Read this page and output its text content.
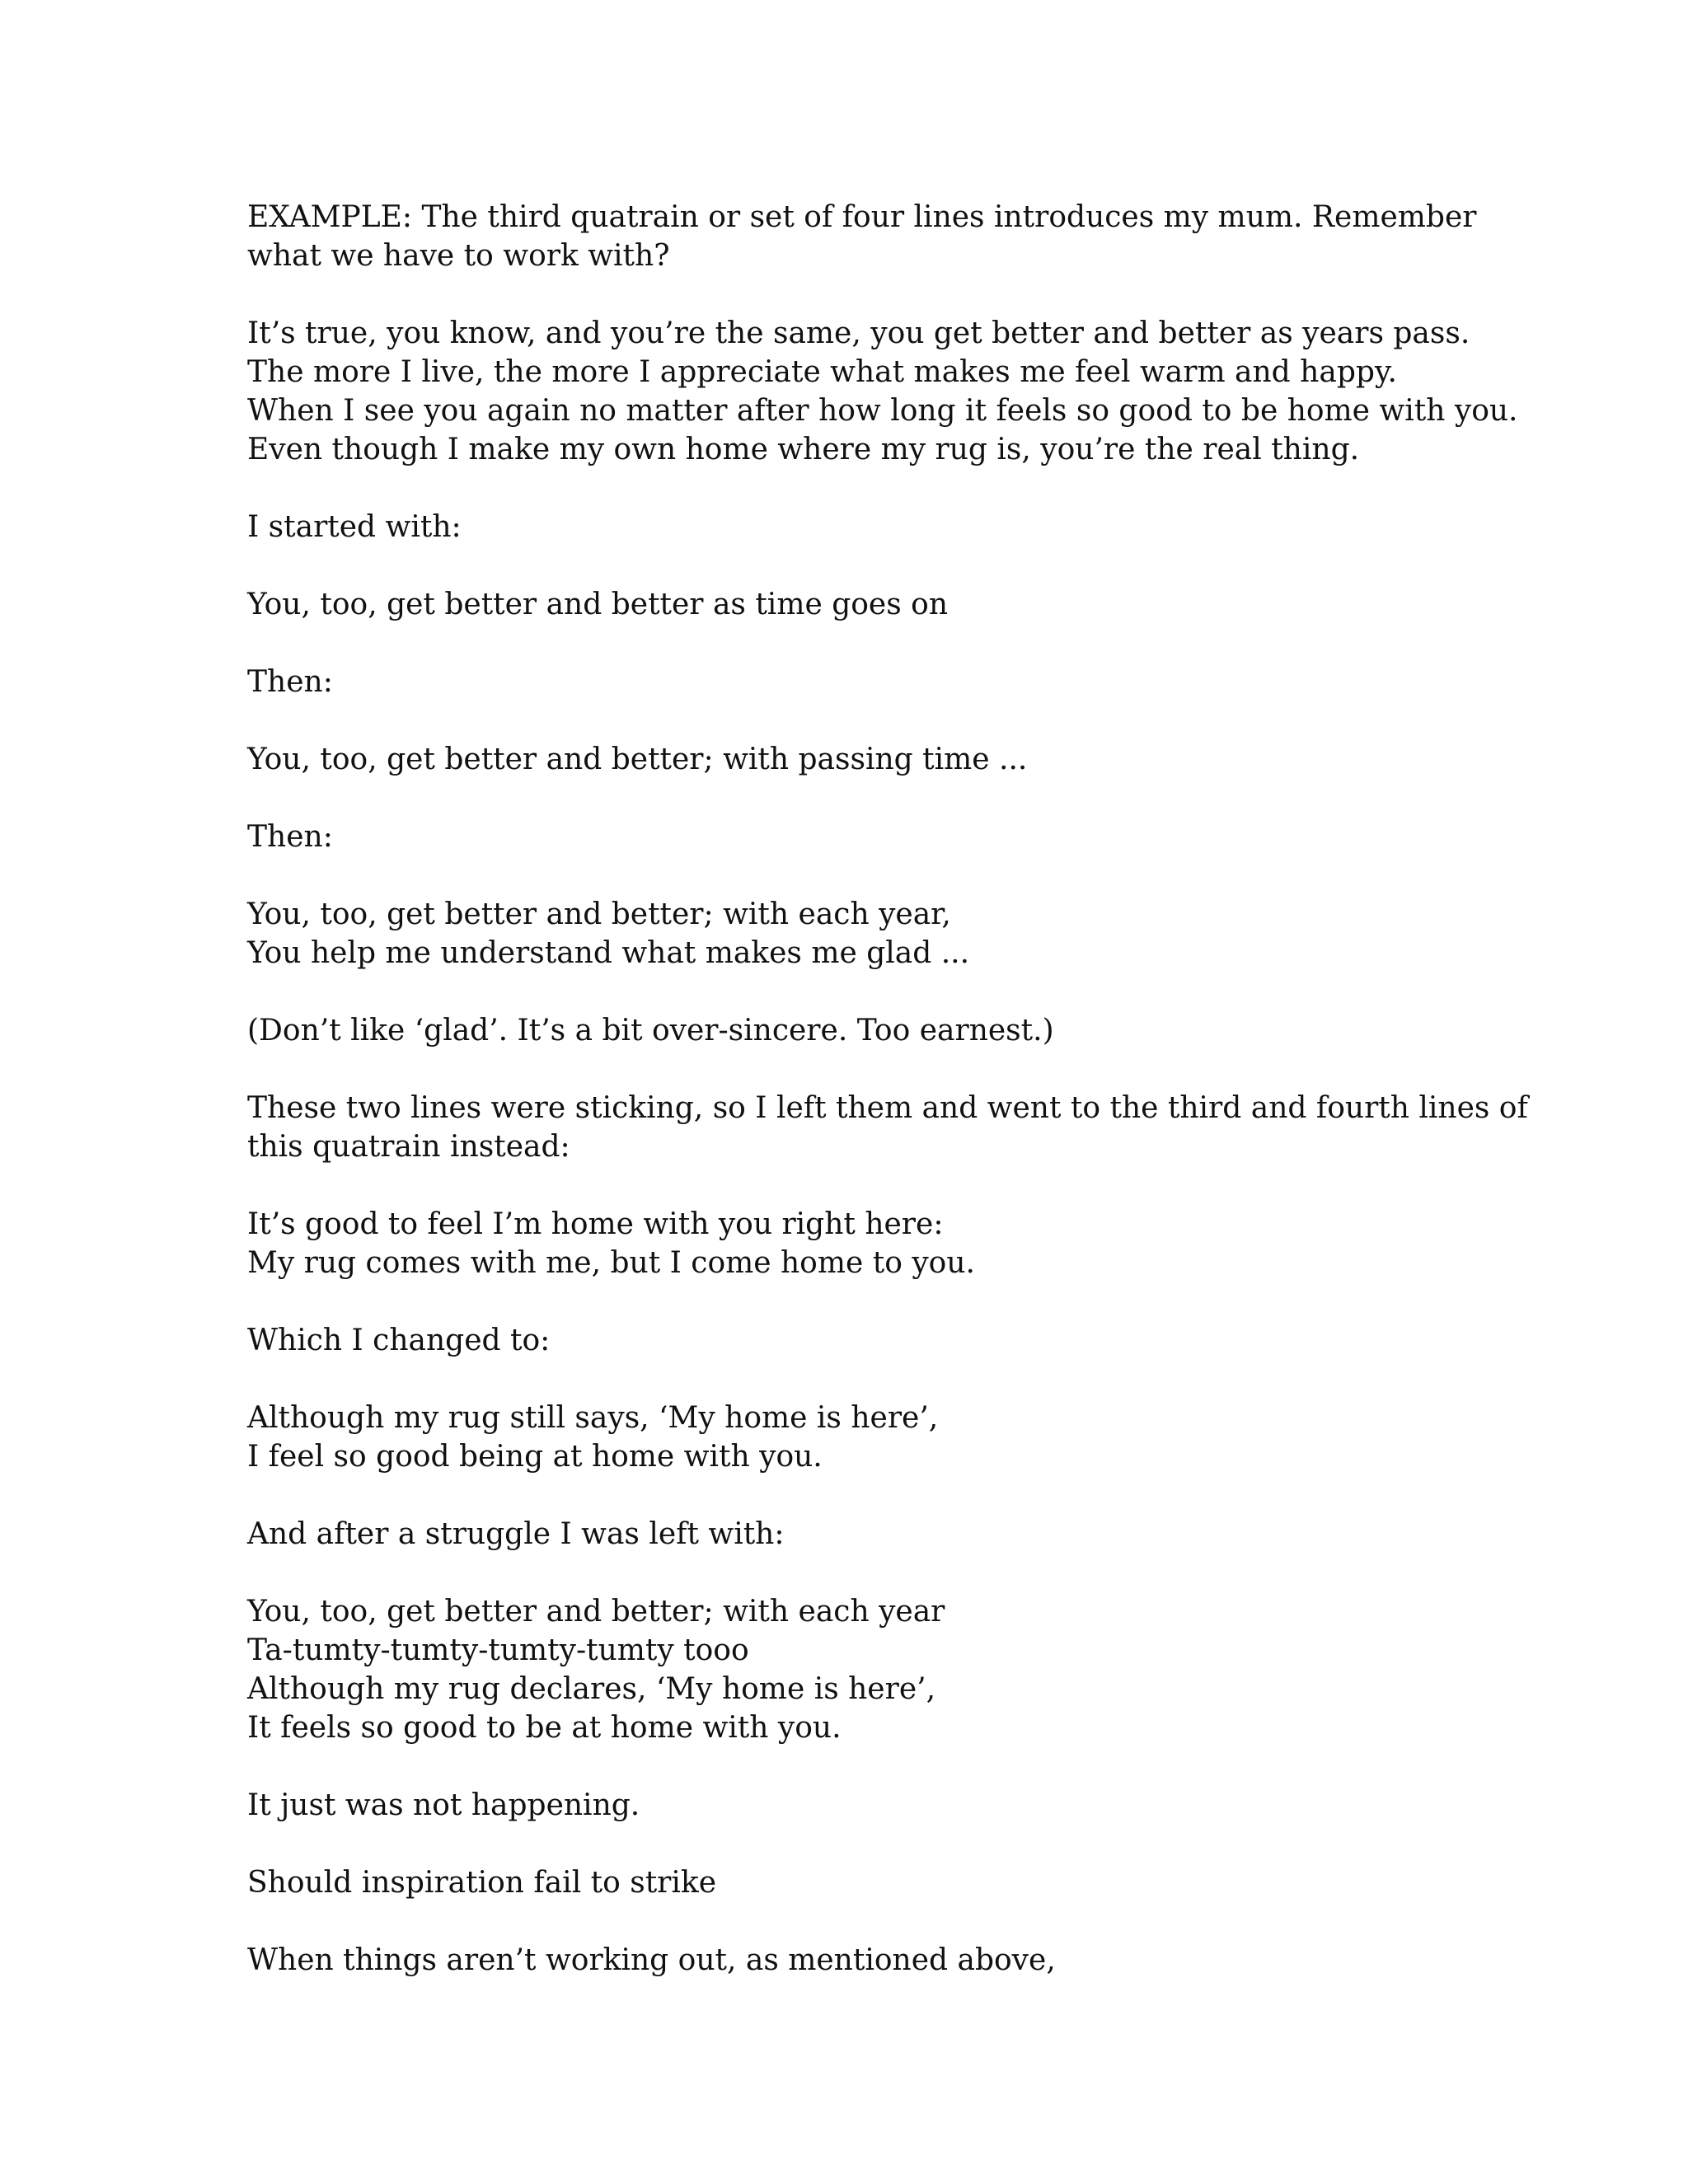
EXAMPLE: The third quatrain or set of four lines introduces my mum. Remember
what we have to work with?
It’s true, you know, and you’re the same, you get better and better as years pass.
The more I live, the more I appreciate what makes me feel warm and happy.
When I see you again no matter after how long it feels so good to be home with you.
Even though I make my own home where my rug is, you’re the real thing.
I started with:
You, too, get better and better as time goes on
Then:
You, too, get better and better; with passing time ...
Then:
You, too, get better and better; with each year,
You help me understand what makes me glad ...
(Don’t like ‘glad’. It’s a bit over-sincere. Too earnest.)
These two lines were sticking, so I left them and went to the third and fourth lines of
this quatrain instead:
It’s good to feel I’m home with you right here:
My rug comes with me, but I come home to you.
Which I changed to:
Although my rug still says, ‘My home is here’,
I feel so good being at home with you.
And after a struggle I was left with:
You, too, get better and better; with each year
Ta-tumty-tumty-tumty-tumty tooo
Although my rug declares, ‘My home is here’,
It feels so good to be at home with you.
It just was not happening.
Should inspiration fail to strike
When things aren’t working out, as mentioned above,
